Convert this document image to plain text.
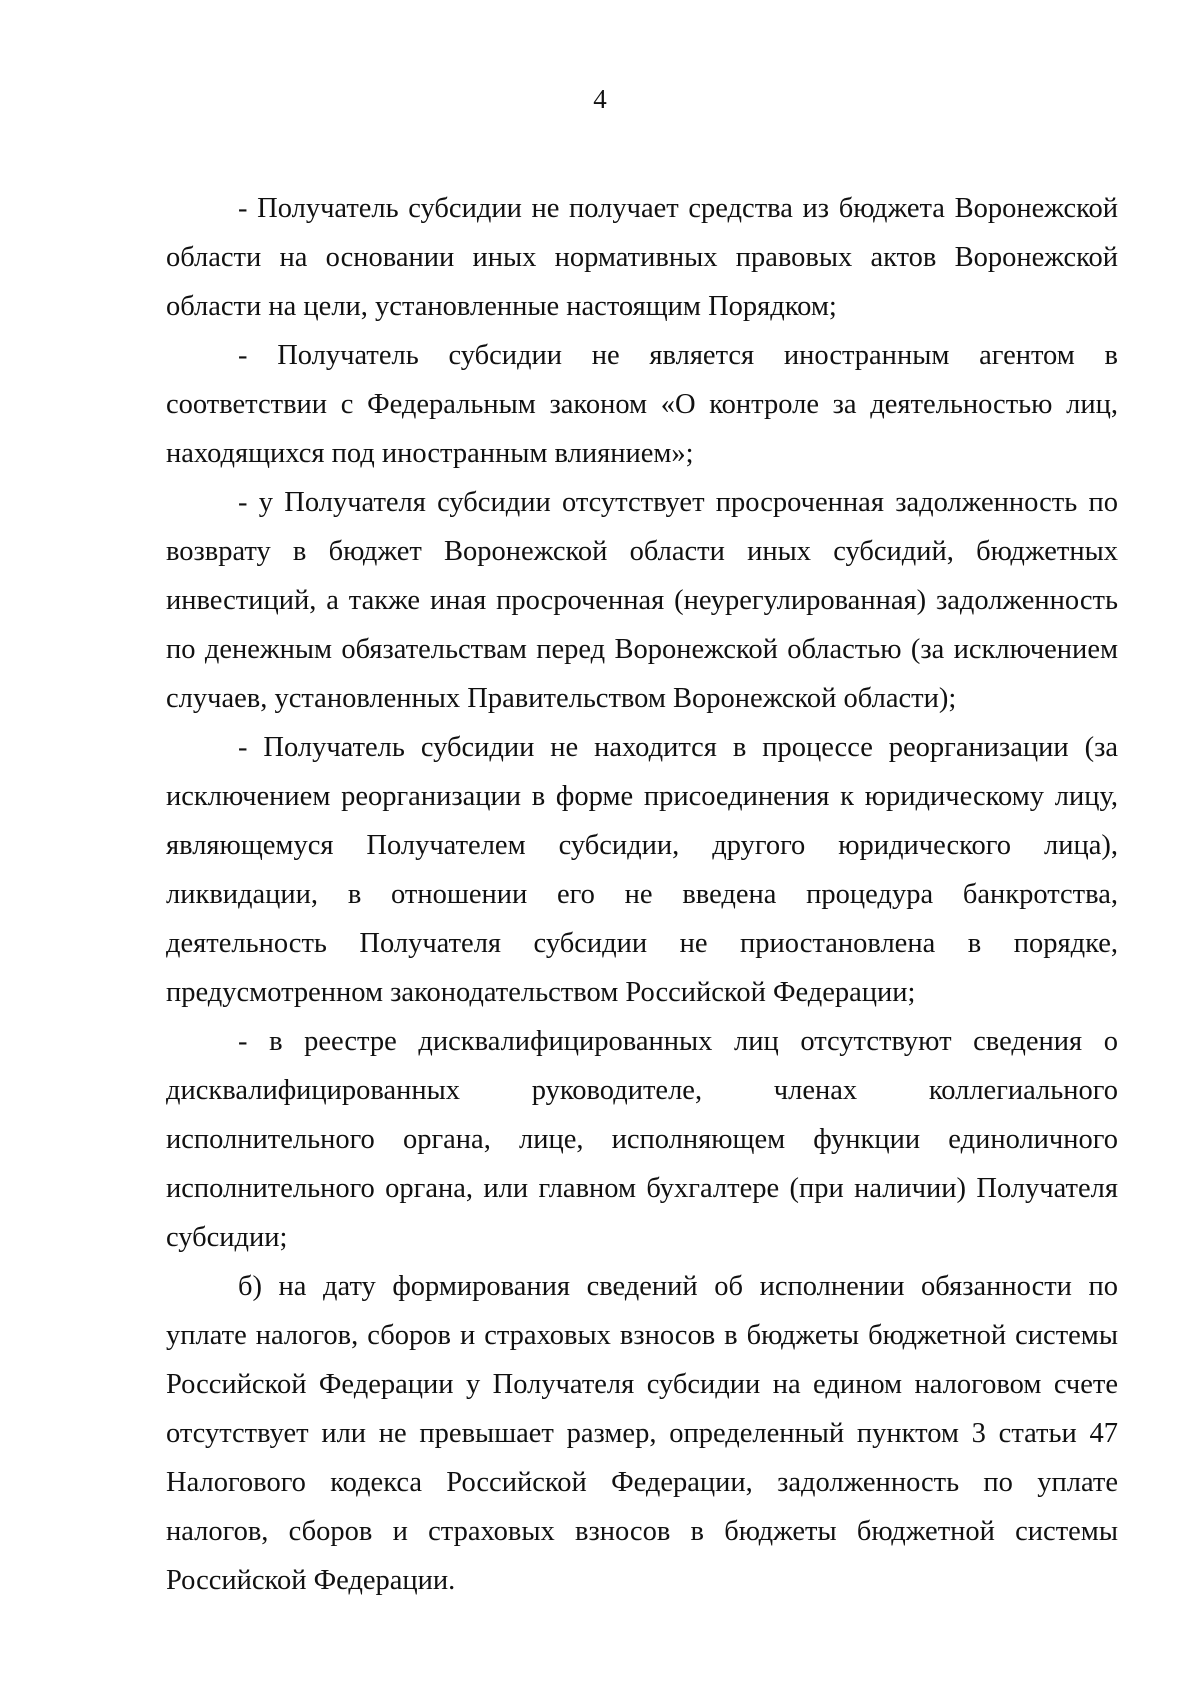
4

- Получатель субсидии не получает средства из бюджета Воронежской области на основании иных нормативных правовых актов Воронежской области на цели, установленные настоящим Порядком;

- Получатель субсидии не является иностранным агентом в соответствии с Федеральным законом «О контроле за деятельностью лиц, находящихся под иностранным влиянием»;

- у Получателя субсидии отсутствует просроченная задолженность по возврату в бюджет Воронежской области иных субсидий, бюджетных инвестиций, а также иная просроченная (неурегулированная) задолженность по денежным обязательствам перед Воронежской областью (за исключением случаев, установленных Правительством Воронежской области);

- Получатель субсидии не находится в процессе реорганизации (за исключением реорганизации в форме присоединения к юридическому лицу, являющемуся Получателем субсидии, другого юридического лица), ликвидации, в отношении его не введена процедура банкротства, деятельность Получателя субсидии не приостановлена в порядке, предусмотренном законодательством Российской Федерации;

- в реестре дисквалифицированных лиц отсутствуют сведения о дисквалифицированных руководителе, членах коллегиального исполнительного органа, лице, исполняющем функции единоличного исполнительного органа, или главном бухгалтере (при наличии) Получателя субсидии;

б) на дату формирования сведений об исполнении обязанности по уплате налогов, сборов и страховых взносов в бюджеты бюджетной системы Российской Федерации у Получателя субсидии на едином налоговом счете отсутствует или не превышает размер, определенный пунктом 3 статьи 47 Налогового кодекса Российской Федерации, задолженность по уплате налогов, сборов и страховых взносов в бюджеты бюджетной системы Российской Федерации.
